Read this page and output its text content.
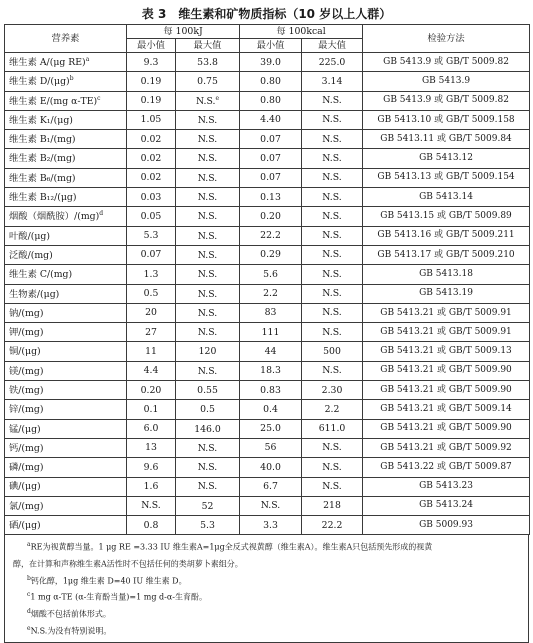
表 3　维生素和矿物质指标（10 岁以上人群）
营养素	每 100kJ		每 100kcal		检验方法
	最小值	最大值	最小值	最大值	
维生素 A/(μg RE)$^a$	9.3	53.8	39.0	225.0	GB 5413.9 或 GB/T 5009.82
维生素 $D/(\mu g)^b$	0.19	0.75	0.80	3.14	GB 5413.9
维生素 E/(mg α-TE)$^c$	0.19	N.S.$^e$	0.80	N.S.	GB 5413.9 或 GB/T 5009.82
维生素 K₁/(μg)	1.05	N.S.	4.40	N.S.	GB 5413.10 或 GB/T 5009.158
维生素 B₁/(mg)	0.02	N.S.	0.07	N.S.	GB 5413.11 或 GB/T 5009.84
维生素 B₂/(mg)	0.02	N.S.	0.07	N.S.	GB 5413.12
维生素 B₆/(mg)	0.02	N.S.	0.07	N.S.	GB 5413.13 或 GB/T 5009.154
维生素 B₁₂/(μg)	0.03	N.S.	0.13	N.S.	GB 5413.14
烟酸（烟酰胺）/(mg)$^d$	0.05	N.S.	0.20	N.S.	GB 5413.15 或 GB/T 5009.89
叶酸/(μg)	5.3	N.S.	22.2	N.S.	GB 5413.16 或 GB/T 5009.211
泛酸/(mg)	0.07	N.S.	0.29	N.S.	GB 5413.17 或 GB/T 5009.210
维生素 C/(mg)	1.3	N.S.	5.6	N.S.	GB 5413.18
生物素/(μg)	0.5	N.S.	2.2	N.S.	GB 5413.19
钠/(mg)	20	N.S.	83	N.S.	GB 5413.21 或 GB/T 5009.91
钾/(mg)	27	N.S.	111	N.S.	GB 5413.21 或 GB/T 5009.91
铜/(μg)	11	120	44	500	GB 5413.21 或 GB/T 5009.13
镁/(mg)	4.4	N.S.	18.3	N.S.	GB 5413.21 或 GB/T 5009.90
铁/(mg)	0.20	0.55	0.83	2.30	GB 5413.21 或 GB/T 5009.90
锌/(mg)	0.1	0.5	0.4	2.2	GB 5413.21 或 GB/T 5009.14
锰/(μg)	6.0	146.0	25.0	611.0	GB 5413.21 或 GB/T 5009.90
钙/(mg)	13	N.S.	56	N.S.	GB 5413.21 或 GB/T 5009.92
磷/(mg)	9.6	N.S.	40.0	N.S.	GB 5413.22 或 GB/T 5009.87
碘/(μg)	1.6	N.S.	6.7	N.S.	GB 5413.23
氯/(mg)	N.S.	52	N.S.	218	GB 5413.24
硒/(μg)	0.8	5.3	3.3	22.2	GB 5009.93
$^a$RE为视黄醇当量。1 μg RE =3.33 IU 维生素A=1μg全反式视黄醇（维生素A）。维生素A只包括预先形成的视黄
醇，在计算和声称维生素A活性时不包括任何的类胡萝卜素组分。
$^b$钙化醇，1μg 维生素 D=40 IU 维生素 D。
$^c$1 mg α-TE (α-生育酚当量)=1 mg d-α-生育酚。
$^d$烟酸不包括前体形式。
$^e$N.S.为没有特别说明。
